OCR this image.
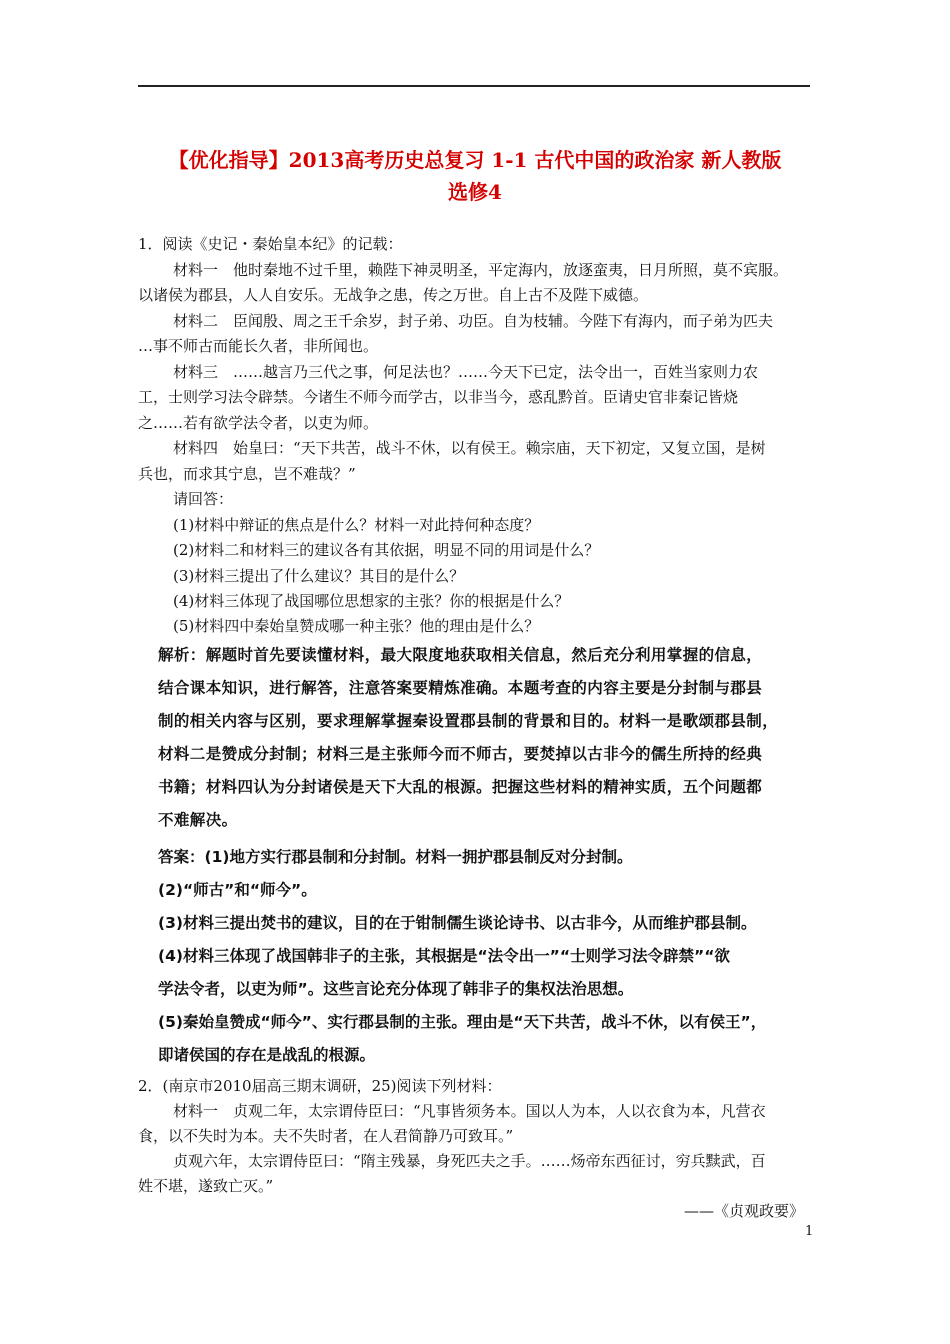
【优化指导】2013高考历史总复习 1-1 古代中国的政治家 新人教版
选修4
1．阅读《史记・秦始皇本纪》的记载：
材料一　他时秦地不过千里，赖陛下神灵明圣，平定海内，放逐蛮夷，日月所照，莫不宾服。
以诸侯为郡县，人人自安乐。无战争之患，传之万世。自上古不及陛下威德。
材料二　臣闻殷、周之王千余岁，封子弟、功臣。自为枝辅。今陛下有海内，而子弟为匹夫
…事不师古而能长久者，非所闻也。
材料三　……越言乃三代之事，何足法也？……今天下已定，法令出一，百姓当家则力农
工，士则学习法令辟禁。今诸生不师今而学古，以非当今，惑乱黔首。臣请史官非秦记皆烧
之……若有欲学法令者，以吏为师。
材料四　始皇曰：“天下共苦，战斗不休，以有侯王。赖宗庙，天下初定，又复立国，是树
兵也，而求其宁息，岂不难哉？”
请回答：
(1)材料中辩证的焦点是什么？材料一对此持何种态度？
(2)材料二和材料三的建议各有其依据，明显不同的用词是什么？
(3)材料三提出了什么建议？其目的是什么？
(4)材料三体现了战国哪位思想家的主张？你的根据是什么？
(5)材料四中秦始皇赞成哪一种主张？他的理由是什么？
解析：解题时首先要读懂材料，最大限度地获取相关信息，然后充分利用掌握的信息，
结合课本知识，进行解答，注意答案要精炼准确。本题考查的内容主要是分封制与郡县
制的相关内容与区别，要求理解掌握秦设置郡县制的背景和目的。材料一是歌颂郡县制，
材料二是赞成分封制；材料三是主张师今而不师古，要焚掉以古非今的儒生所持的经典
书籍；材料四认为分封诸侯是天下大乱的根源。把握这些材料的精神实质，五个问题都
不难解决。
答案：(1)地方实行郡县制和分封制。材料一拥护郡县制反对分封制。
(2)“师古”和“师今”。
(3)材料三提出焚书的建议，目的在于钳制儒生谈论诗书、以古非今，从而维护郡县制。
(4)材料三体现了战国韩非子的主张，其根据是“法令出一”“士则学习法令辟禁”“欲
学法令者，以吏为师”。这些言论充分体现了韩非子的集权法治思想。
(5)秦始皇赞成“师今”、实行郡县制的主张。理由是“天下共苦，战斗不休，以有侯王”，
即诸侯国的存在是战乱的根源。
2．(南京市2010届高三期末调研，25)阅读下列材料：
材料一　贞观二年，太宗谓侍臣曰：“凡事皆须务本。国以人为本，人以衣食为本，凡营衣
食，以不失时为本。夫不失时者，在人君简静乃可致耳。”
贞观六年，太宗谓侍臣曰：“隋主残暴，身死匹夫之手。……炀帝东西征讨，穷兵黩武，百
姓不堪，遂致亡灭。”
——《贞观政要》
1
